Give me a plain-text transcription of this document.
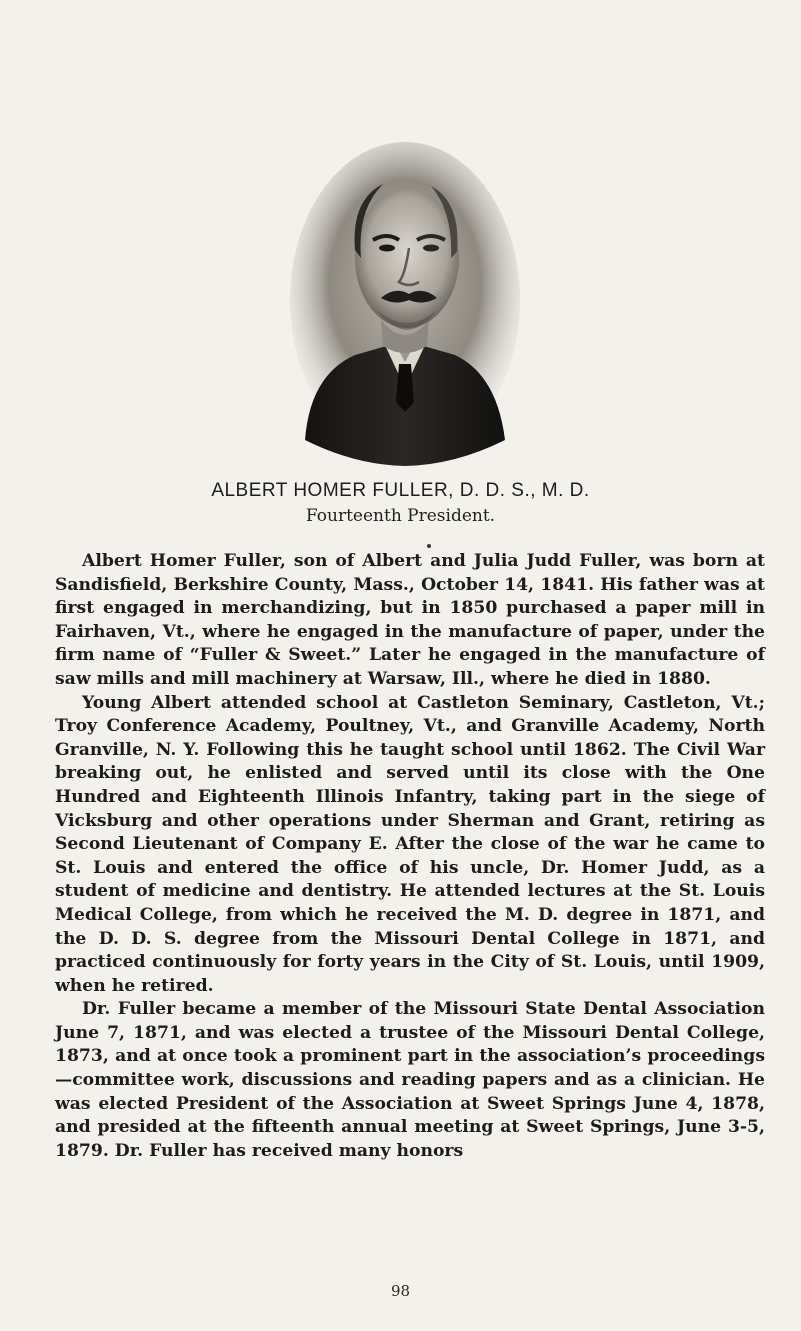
ALBERT HOMER FULLER, D. D. S., M. D.
Fourteenth President.

Albert Homer Fuller, son of Albert and Julia Judd Fuller, was born at Sandisfield, Berkshire County, Mass., October 14, 1841. His father was at first engaged in merchandizing, but in 1850 purchased a paper mill in Fairhaven, Vt., where he engaged in the manufacture of paper, under the firm name of “Fuller & Sweet.” Later he engaged in the manufacture of saw mills and mill machinery at Warsaw, Ill., where he died in 1880.

Young Albert attended school at Castleton Seminary, Castleton, Vt.; Troy Conference Academy, Poultney, Vt., and Granville Academy, North Granville, N. Y. Following this he taught school until 1862. The Civil War breaking out, he enlisted and served until its close with the One Hundred and Eighteenth Illinois Infantry, taking part in the siege of Vicksburg and other operations under Sherman and Grant, retiring as Second Lieutenant of Company E. After the close of the war he came to St. Louis and entered the office of his uncle, Dr. Homer Judd, as a student of medicine and dentistry. He attended lectures at the St. Louis Medical College, from which he received the M. D. degree in 1871, and the D. D. S. degree from the Missouri Dental College in 1871, and practiced continuously for forty years in the City of St. Louis, until 1909, when he retired.

Dr. Fuller became a member of the Missouri State Dental Association June 7, 1871, and was elected a trustee of the Missouri Dental College, 1873, and at once took a prominent part in the association’s proceedings—committee work, discussions and reading papers and as a clinician. He was elected President of the Association at Sweet Springs June 4, 1878, and presided at the fifteenth annual meeting at Sweet Springs, June 3-5, 1879. Dr. Fuller has received many honors

98
